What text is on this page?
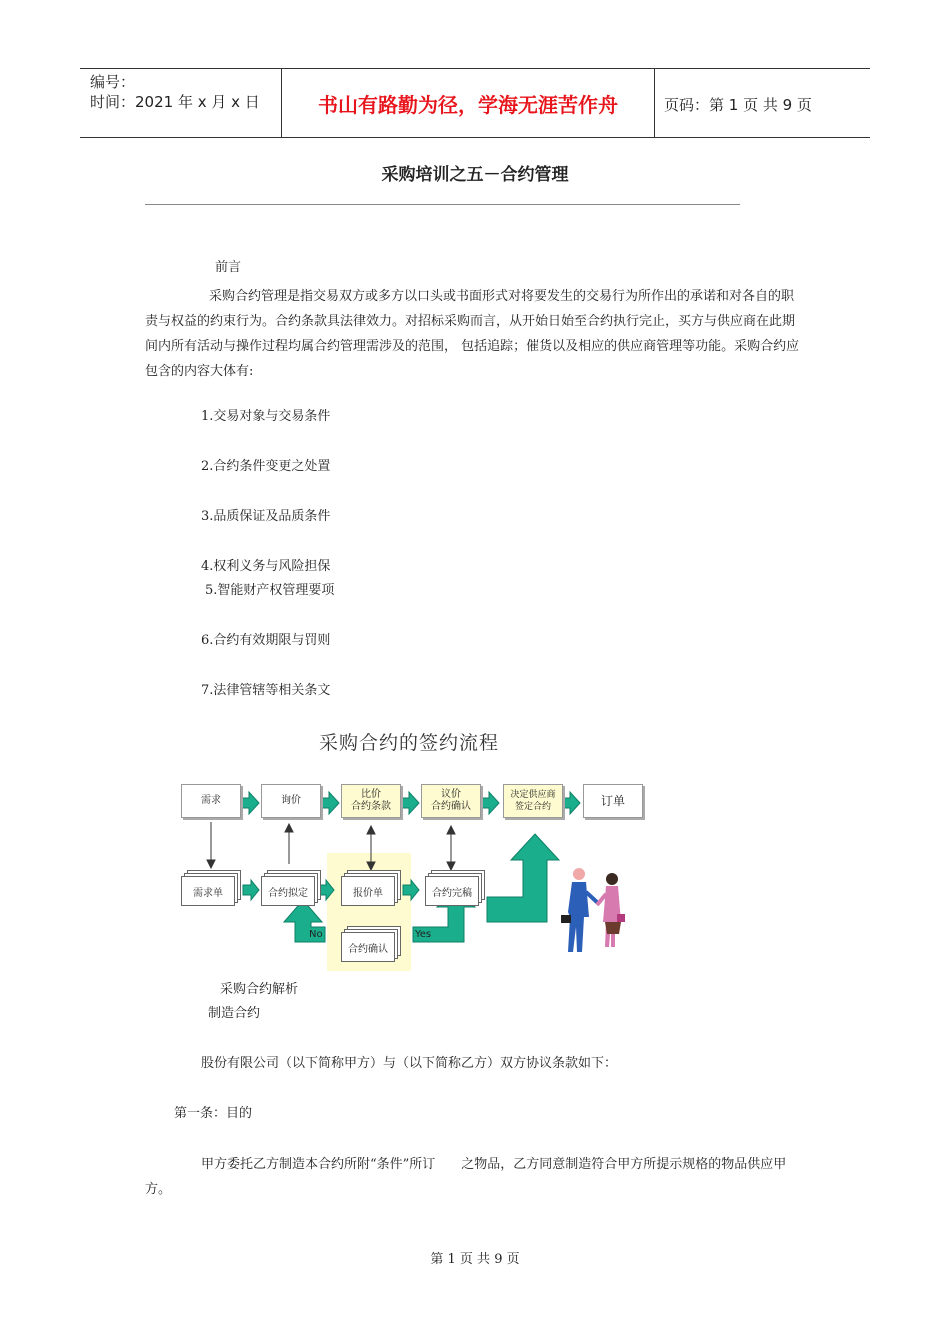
编号：
时间：2021 年 x 月 x 日	书山有路勤为径，学海无涯苦作舟	页码：第 1 页 共 9 页
采购培训之五－合约管理
前言
采购合约管理是指交易双方或多方以口头或书面形式对将要发生的交易行为所作出的承诺和对各自的职责与权益的约束行为。合约条款具法律效力。对招标采购而言，从开始日始至合约执行完止，买方与供应商在此期间内所有活动与操作过程均属合约管理需涉及的范围， 包括追踪；催货以及相应的供应商管理等功能。采购合约应包含的内容大体有:
1.交易对象与交易条件
2.合约条件变更之处置
3.品质保证及品质条件
4.权利义务与风险担保
5.智能财产权管理要项
6.合约有效期限与罚则
7.法律管辖等相关条文
采购合约的签约流程
需求	询价
比价
合约条款
议价
合约确认
决定供应商
签定合约	订单
需求单	合约拟定	报价单	合约完稿
合约确认
No	Yes
采购合约解析
制造合约
股份有限公司（以下简称甲方）与（以下简称乙方）双方协议条款如下：
第一条：目的
甲方委托乙方制造本合约所附“条件”所订　　之物品，乙方同意制造符合甲方所提示规格的物品供应甲方。
第 1 页 共 9 页
